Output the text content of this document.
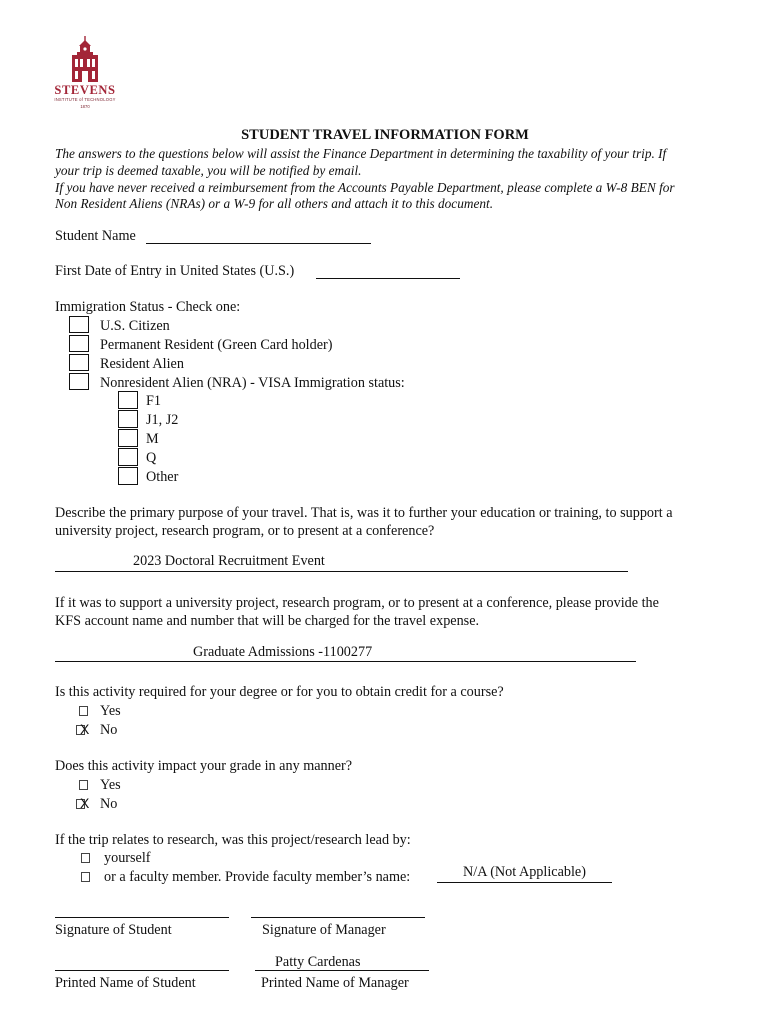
STEVENS
INSTITUTE of TECHNOLOGY
1870
STUDENT TRAVEL INFORMATION FORM
The answers to the questions below will assist the Finance Department in determining the taxability of your trip. If
your trip is deemed taxable, you will be notified by email.
If you have never received a reimbursement from the Accounts Payable Department, please complete a W-8 BEN for
Non Resident Aliens (NRAs) or a W-9 for all others and attach it to this document.
Student Name
First Date of Entry in United States (U.S.)
Immigration Status - Check one:
U.S. Citizen
Permanent Resident (Green Card holder)
Resident Alien
Nonresident Alien (NRA) - VISA Immigration status:
F1
J1, J2
M
Q
Other
Describe the primary purpose of your travel. That is, was it to further your education or training, to support a
university project, research program, or to present at a conference?
2023 Doctoral Recruitment Event
If it was to support a university project, research program, or to present at a conference, please provide the
KFS account name and number that will be charged for the travel expense.
Graduate Admissions -1100277
Is this activity required for your degree or for you to obtain credit for a course?
Yes
X No
Does this activity impact your grade in any manner?
Yes
X No
If the trip relates to research, was this project/research lead by:
yourself
or a faculty member. Provide faculty member’s name:	N/A (Not Applicable)
Signature of Student	Signature of Manager
Patty Cardenas
Printed Name of Student	Printed Name of Manager
